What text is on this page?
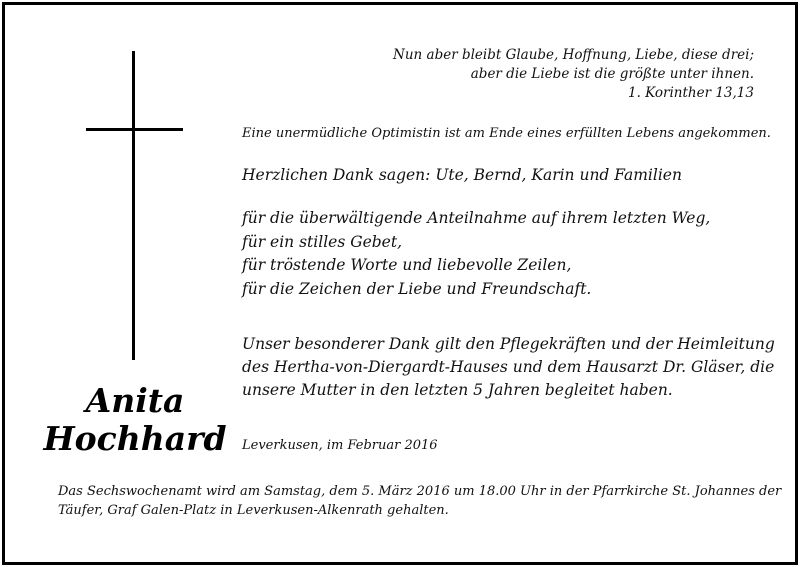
Nun aber bleibt Glaube, Hoffnung, Liebe, diese drei;
aber die Liebe ist die größte unter ihnen.
1. Korinther 13,13
Eine unermüdliche Optimistin ist am Ende eines erfüllten Lebens angekommen.
Herzlichen Dank sagen: Ute, Bernd, Karin und Familien
für die überwältigende Anteilnahme auf ihrem letzten Weg,
für ein stilles Gebet,
für tröstende Worte und liebevolle Zeilen,
für die Zeichen der Liebe und Freundschaft.
Unser besonderer Dank gilt den Pflegekräften und der Heimleitung
des Hertha-von-Diergardt-Hauses und dem Hausarzt Dr. Gläser, die
unsere Mutter in den letzten 5 Jahren begleitet haben.
Anita
Hochhard Leverkusen, im Februar 2016
Das Sechswochenamt wird am Samstag, dem 5. März 2016 um 18.00 Uhr in der Pfarrkirche St. Johannes der
Täufer, Graf Galen-Platz in Leverkusen-Alkenrath gehalten.
